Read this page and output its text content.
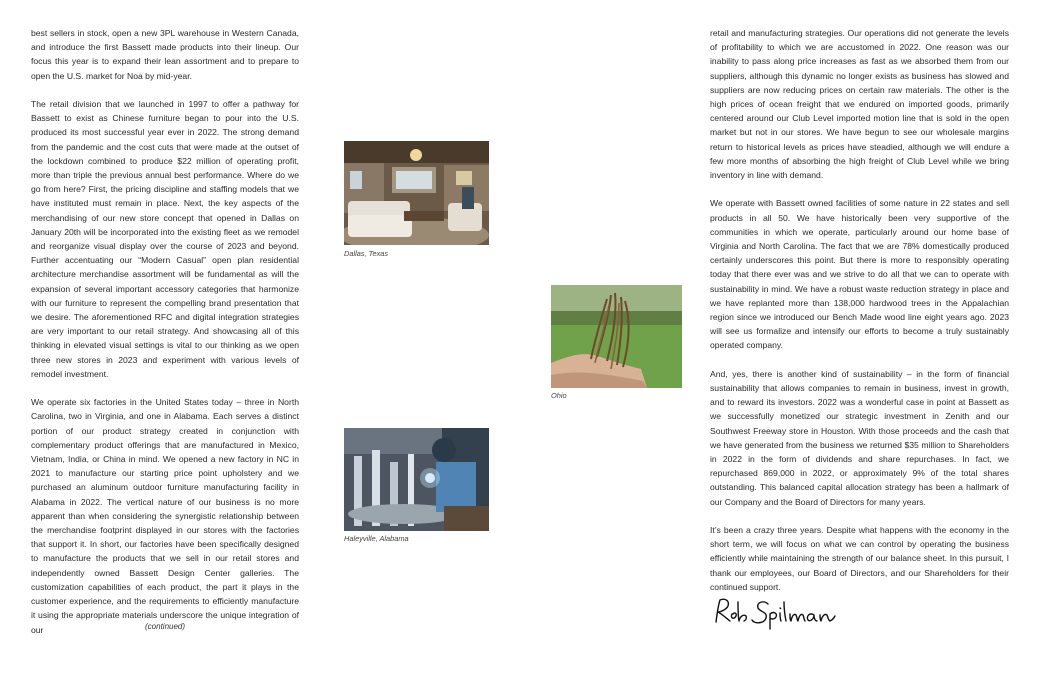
best sellers in stock, open a new 3PL warehouse in Western Canada, and introduce the first Bassett made products into their lineup. Our focus this year is to expand their lean assortment and to prepare to open the U.S. market for Noa by mid-year.

The retail division that we launched in 1997 to offer a pathway for Bassett to exist as Chinese furniture began to pour into the U.S. produced its most successful year ever in 2022. The strong demand from the pandemic and the cost cuts that were made at the outset of the lockdown combined to produce $22 million of operating profit, more than triple the previous annual best performance. Where do we go from here? First, the pricing discipline and staffing models that we have instituted must remain in place. Next, the key aspects of the merchandising of our new store concept that opened in Dallas on January 20th will be incorporated into the existing fleet as we remodel and reorganize visual display over the course of 2023 and beyond. Further accentuating our “Modern Casual” open plan residential architecture merchandise assortment will be fundamental as will the expansion of several important accessory categories that harmonize with our furniture to represent the compelling brand presentation that we desire. The aforementioned RFC and digital integration strategies are very important to our retail strategy. And showcasing all of this thinking in elevated visual settings is vital to our thinking as we open three new stores in 2023 and experiment with various levels of remodel investment.

We operate six factories in the United States today – three in North Carolina, two in Virginia, and one in Alabama. Each serves a distinct portion of our product strategy created in conjunction with complementary product offerings that are manufactured in Mexico, Vietnam, India, or China in mind. We opened a new factory in NC in 2021 to manufacture our starting price point upholstery and we purchased an aluminum outdoor furniture manufacturing facility in Alabama in 2022. The vertical nature of our business is no more apparent than when considering the synergistic relationship between the merchandise footprint displayed in our stores with the factories that support it. In short, our factories have been specifically designed to manufacture the products that we sell in our retail stores and independently owned Bassett Design Center galleries. The customization capabilities of each product, the part it plays in the customer experience, and the requirements to efficiently manufacture it using the appropriate materials underscore the unique integration of our	(continued)
Dallas, Texas
Ohio
Haleyville, Alabama

retail and manufacturing strategies. Our operations did not generate the levels of profitability to which we are accustomed in 2022. One reason was our inability to pass along price increases as fast as we absorbed them from our suppliers, although this dynamic no longer exists as business has slowed and suppliers are now reducing prices on certain raw materials. The other is the high prices of ocean freight that we endured on imported goods, primarily centered around our Club Level imported motion line that is sold in the open market but not in our stores. We have begun to see our wholesale margins return to historical levels as prices have steadied, although we will endure a few more months of absorbing the high freight of Club Level while we bring inventory in line with demand.

We operate with Bassett owned facilities of some nature in 22 states and sell products in all 50. We have historically been very supportive of the communities in which we operate, particularly around our home base of Virginia and North Carolina. The fact that we are 78% domestically produced certainly underscores this point. But there is more to responsibly operating today that there ever was and we strive to do all that we can to operate with sustainability in mind. We have a robust waste reduction strategy in place and we have replanted more than 138,000 hardwood trees in the Appalachian region since we introduced our Bench Made wood line eight years ago. 2023 will see us formalize and intensify our efforts to become a truly sustainably operated company.

And, yes, there is another kind of sustainability – in the form of financial sustainability that allows companies to remain in business, invest in growth, and to reward its investors. 2022 was a wonderful case in point at Bassett as we successfully monetized our strategic investment in Zenith and our Southwest Freeway store in Houston. With those proceeds and the cash that we have generated from the business we returned $35 million to Shareholders in 2022 in the form of dividends and share repurchases. In fact, we repurchased 869,000 in 2022, or approximately 9% of the total shares outstanding. This balanced capital allocation strategy has been a hallmark of our Company and the Board of Directors for many years.

It’s been a crazy three years. Despite what happens with the economy in the short term, we will focus on what we can control by operating the business efficiently while maintaining the strength of our balance sheet. In this pursuit, I thank our employees, our Board of Directors, and our Shareholders for their continued support.
